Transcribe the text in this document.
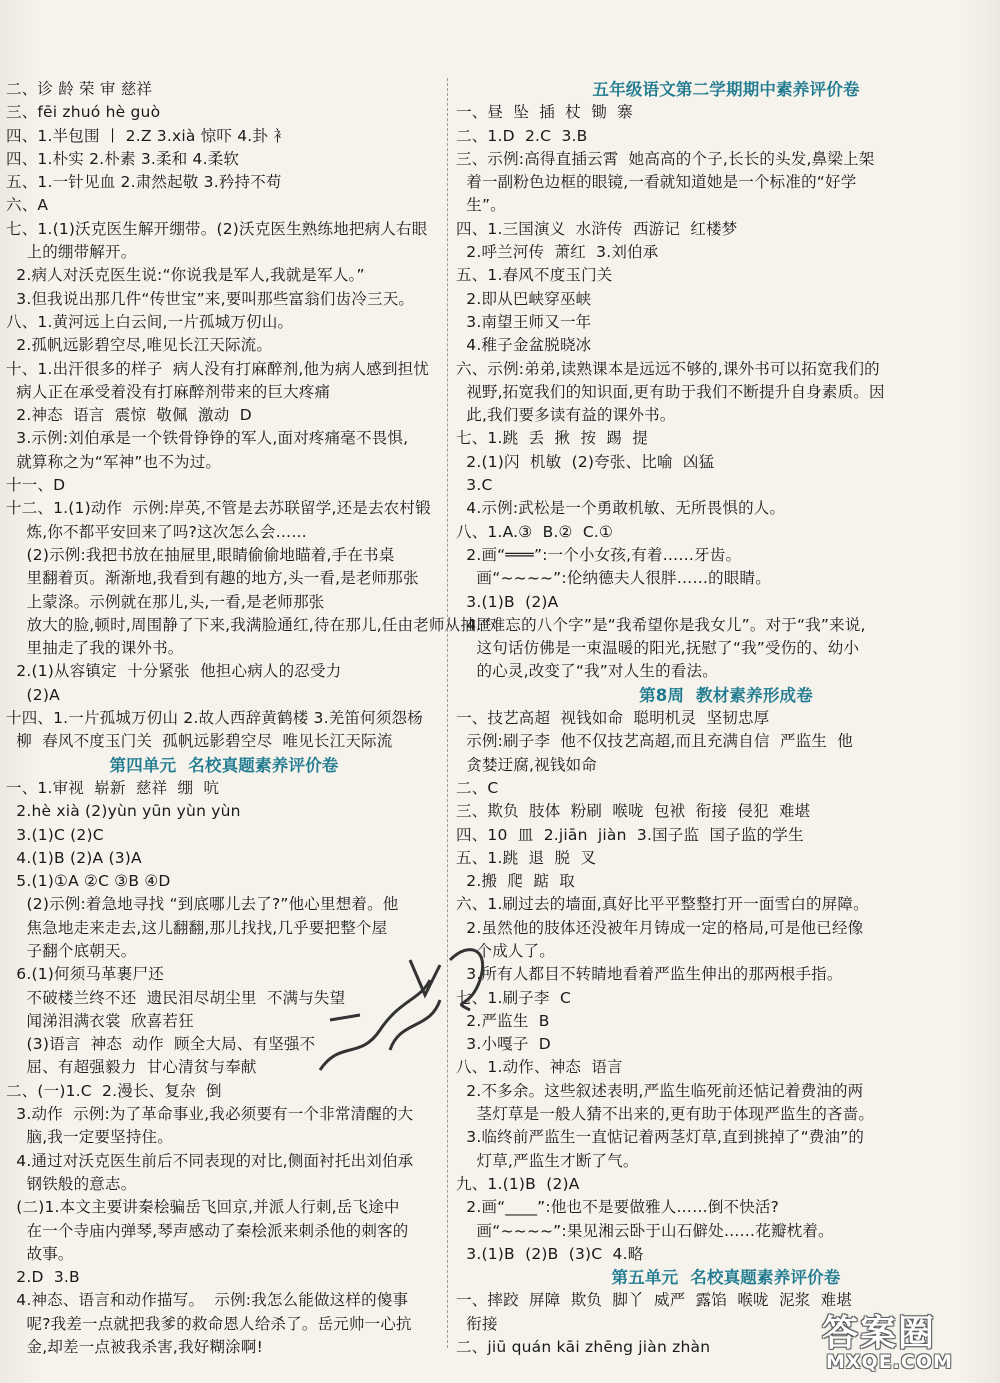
二、诊 龄 荣 审 慈祥
三、fēi zhuó hè guò
四、1.半包围 丨 2.Z 3.xià 惊吓 4.卦 衤
四、1.朴实 2.朴素 3.柔和 4.柔软
五、1.一针见血 2.肃然起敬 3.矜持不苟
六、A
七、1.(1)沃克医生解开绷带。(2)沃克医生熟练地把病人右眼
上的绷带解开。
2.病人对沃克医生说:“你说我是军人,我就是军人。”
3.但我说出那几件“传世宝”来,要叫那些富翁们齿冷三天。
八、1.黄河远上白云间,一片孤城万仞山。
2.孤帆远影碧空尽,唯见长江天际流。
十、1.出汗很多的样子  病人没有打麻醉剂,他为病人感到担忧
病人正在承受着没有打麻醉剂带来的巨大疼痛
2.神态  语言  震惊  敬佩  激动  D
3.示例:刘伯承是一个铁骨铮铮的军人,面对疼痛毫不畏惧,
就算称之为“军神”也不为过。
十一、D
十二、1.(1)动作  示例:岸英,不管是去苏联留学,还是去农村锻
炼,你不都平安回来了吗?这次怎么会……
(2)示例:我把书放在抽屉里,眼睛偷偷地瞄着,手在书桌
里翻着页。渐渐地,我看到有趣的地方,头一看,是老师那张
上蒙涤。示例就在那儿,头,一看,是老师那张
放大的脸,顿时,周围静了下来,我满脸通红,待在那儿,任由老师从抽屉
里抽走了我的课外书。
2.(1)从容镇定  十分紧张  他担心病人的忍受力
(2)A
十四、1.一片孤城万仞山 2.故人西辞黄鹤楼 3.羌笛何须怨杨
柳  春风不度玉门关  孤帆远影碧空尽  唯见长江天际流
第四单元  名校真题素养评价卷
一、1.审视  崭新  慈祥  绷  吭
2.hè xià (2)yùn yūn yùn yùn
3.(1)C (2)C
4.(1)B (2)A (3)A
5.(1)①A ②C ③B ④D
(2)示例:着急地寻找 “到底哪儿去了?”他心里想着。他
焦急地走来走去,这儿翻翻,那儿找找,几乎要把整个屋
子翻个底朝天。
6.(1)何须马革裹尸还
不破楼兰终不还  遗民泪尽胡尘里  不满与失望
闻涕泪满衣裳  欣喜若狂
(3)语言  神态  动作  顾全大局、有坚强不
屈、有超强毅力  甘心清贫与奉献
二、(一)1.C  2.漫长、复杂  倒
3.动作  示例:为了革命事业,我必须要有一个非常清醒的大
脑,我一定要坚持住。
4.通过对沃克医生前后不同表现的对比,侧面衬托出刘伯承
钢铁般的意志。
(二)1.本文主要讲秦桧骗岳飞回京,并派人行刺,岳飞途中
在一个寺庙内弹琴,琴声感动了秦桧派来刺杀他的刺客的
故事。
2.D  3.B
4.神态、语言和动作描写。  示例:我怎么能做这样的傻事
呢?我差一点就把我爹的救命恩人给杀了。岳元帅一心抗
金,却差一点被我杀害,我好糊涂啊!
五年级语文第二学期期中素养评价卷
一、昼  坠  插  杖  锄  寨
二、1.D  2.C  3.B
三、示例:高得直插云霄  她高高的个子,长长的头发,鼻梁上架
着一副粉色边框的眼镜,一看就知道她是一个标准的“好学
生”。
四、1.三国演义  水浒传  西游记  红楼梦
2.呼兰河传  萧红  3.刘伯承
五、1.春风不度玉门关
2.即从巴峡穿巫峡
3.南望王师又一年
4.稚子金盆脱晓冰
六、示例:弟弟,读熟课本是远远不够的,课外书可以拓宽我们的
视野,拓宽我们的知识面,更有助于我们不断提升自身素质。因
此,我们要多读有益的课外书。
七、1.跳  丢  揪  按  踢  提
2.(1)闪  机敏  (2)夸张、比喻  凶猛
3.C
4.示例:武松是一个勇敢机敏、无所畏惧的人。
八、1.A.③  B.②  C.①
2.画“═══”:一个小女孩,有着……牙齿。
画“~~~~”:伦纳德夫人很胖……的眼睛。
3.(1)B  (2)A
4.“难忘的八个字”是“我希望你是我女儿”。对于“我”来说,
这句话仿佛是一束温暖的阳光,抚慰了“我”受伤的、幼小
的心灵,改变了“我”对人生的看法。
第8周  教材素养形成卷
一、技艺高超  视钱如命  聪明机灵  坚韧忠厚
示例:刷子李  他不仅技艺高超,而且充满自信  严监生  他
贪婪迂腐,视钱如命
二、C
三、欺负  肢体  粉刷  喉咙  包袱  衔接  侵犯  难堪
四、10  皿  2.jiān  jiàn  3.国子监  国子监的学生
五、1.跳  退  脱  叉
2.搬  爬  踮  取
六、1.刷过去的墙面,真好比平平整整打开一面雪白的屏障。
2.虽然他的肢体还没被年月铸成一定的格局,可是他已经像
个成人了。
3.所有人都目不转睛地看着严监生伸出的那两根手指。
七、1.刷子李  C
2.严监生  B
3.小嘎子  D
八、1.动作、神态  语言
2.不多余。这些叙述表明,严监生临死前还惦记着费油的两
茎灯草是一般人猜不出来的,更有助于体现严监生的吝啬。
3.临终前严监生一直惦记着两茎灯草,直到挑掉了“费油”的
灯草,严监生才断了气。
九、1.(1)B  (2)A
2.画“____”:他也不是要做雅人……倒不快活?
画“~~~~”:果见湘云卧于山石僻处……花瓣枕着。
3.(1)B  (2)B  (3)C  4.略
第五单元  名校真题素养评价卷
一、摔跤  屏障  欺负  脚丫  威严  露馅  喉咙  泥浆  难堪
衔接
二、jiū quán kāi zhēng jiàn zhàn	答案圈
MXQE.COM
